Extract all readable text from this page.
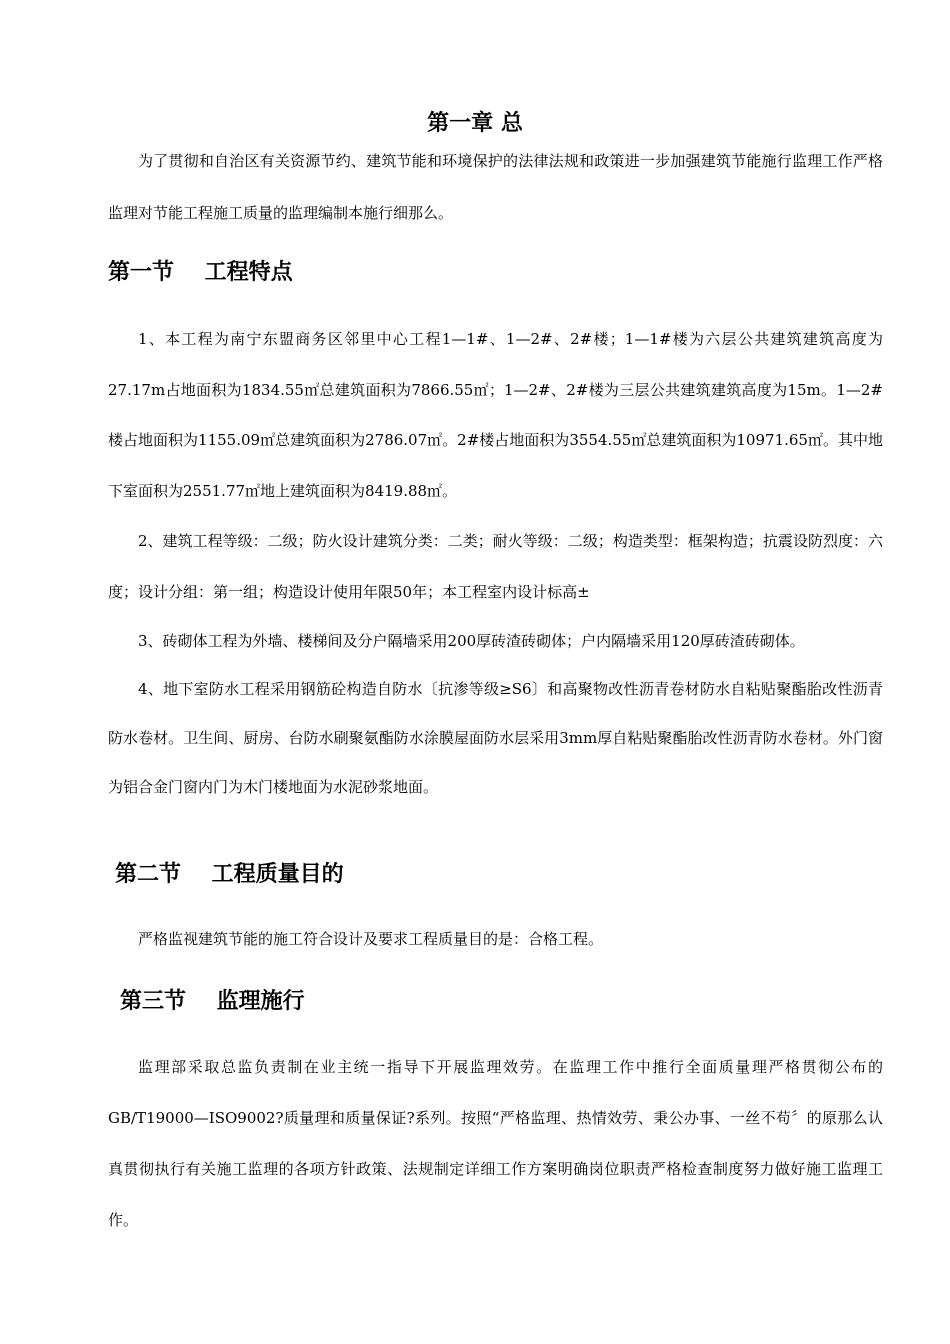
第一章 总

为了贯彻和自治区有关资源节约、建筑节能和环境保护的法律法规和政策进一步加强建筑节能施行监理工作严格监理对节能工程施工质量的监理编制本施行细那么。

第一节    工程特点

1、本工程为南宁东盟商务区邻里中心工程1—1#、1—2#、2#楼；1—1#楼为六层公共建筑建筑高度为27.17m占地面积为1834.55㎡总建筑面积为7866.55㎡；1—2#、2#楼为三层公共建筑建筑高度为15m。1—2#楼占地面积为1155.09㎡总建筑面积为2786.07㎡。2#楼占地面积为3554.55㎡总建筑面积为10971.65㎡。其中地下室面积为2551.77㎡地上建筑面积为8419.88㎡。

2、建筑工程等级：二级；防火设计建筑分类：二类；耐火等级：二级；构造类型：框架构造；抗震设防烈度：六度；设计分组：第一组；构造设计使用年限50年；本工程室内设计标高±

3、砖砌体工程为外墙、楼梯间及分户隔墙采用200厚砖渣砖砌体；户内隔墙采用120厚砖渣砖砌体。

4、地下室防水工程采用钢筋砼构造自防水〔抗渗等级≥S6〕和高聚物改性沥青卷材防水自粘贴聚酯胎改性沥青防水卷材。卫生间、厨房、台防水刷聚氨酯防水涂膜屋面防水层采用3mm厚自粘贴聚酯胎改性沥青防水卷材。外门窗为铝合金门窗内门为木门楼地面为水泥砂浆地面。

第二节    工程质量目的

严格监视建筑节能的施工符合设计及要求工程质量目的是：合格工程。

第三节    监理施行

监理部采取总监负责制在业主统一指导下开展监理效劳。在监理工作中推行全面质量理严格贯彻公布的GB/T19000—ISO9002?质量理和质量保证?系列。按照“严格监理、热情效劳、秉公办事、一丝不苟〞的原那么认真贯彻执行有关施工监理的各项方针政策、法规制定详细工作方案明确岗位职责严格检查制度努力做好施工监理工作。
